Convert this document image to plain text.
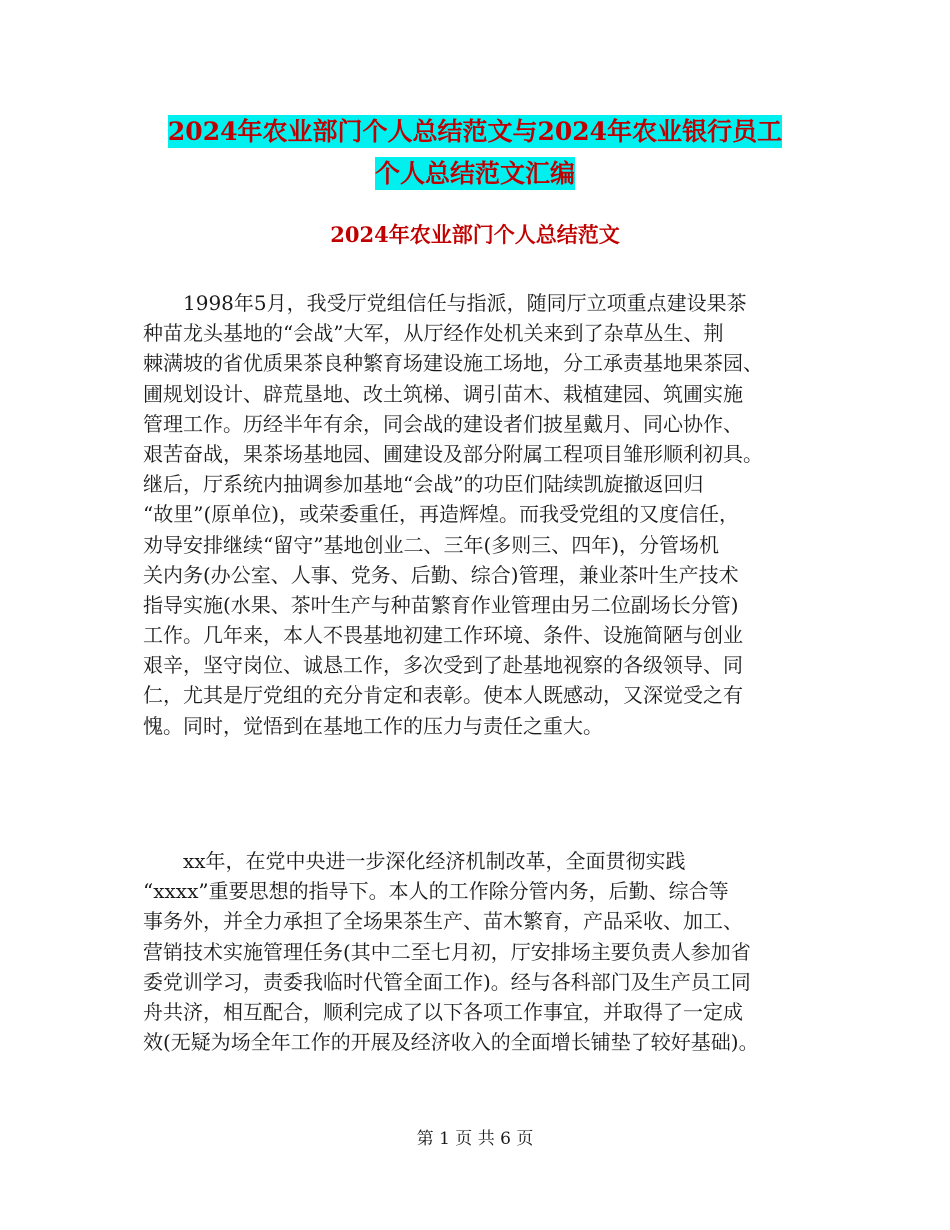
2024年农业部门个人总结范文与2024年农业银行员工
个人总结范文汇编
2024年农业部门个人总结范文
　　1998年5月，我受厅党组信任与指派，随同厅立项重点建设果茶
种苗龙头基地的“会战”大军，从厅经作处机关来到了杂草丛生、荆
棘满坡的省优质果茶良种繁育场建设施工场地，分工承责基地果茶园、
圃规划设计、辟荒垦地、改土筑梯、调引苗木、栽植建园、筑圃实施
管理工作。历经半年有余，同会战的建设者们披星戴月、同心协作、
艰苦奋战，果茶场基地园、圃建设及部分附属工程项目雏形顺利初具。
继后，厅系统内抽调参加基地“会战”的功臣们陆续凯旋撤返回归
“故里”(原单位)，或荣委重任，再造辉煌。而我受党组的又度信任，
劝导安排继续“留守”基地创业二、三年(多则三、四年)，分管场机
关内务(办公室、人事、党务、后勤、综合)管理，兼业茶叶生产技术
指导实施(水果、茶叶生产与种苗繁育作业管理由另二位副场长分管)
工作。几年来，本人不畏基地初建工作环境、条件、设施简陋与创业
艰辛，坚守岗位、诚恳工作，多次受到了赴基地视察的各级领导、同
仁，尤其是厅党组的充分肯定和表彰。使本人既感动，又深觉受之有
愧。同时，觉悟到在基地工作的压力与责任之重大。
　　xx年，在党中央进一步深化经济机制改革，全面贯彻实践
“xxxx”重要思想的指导下。本人的工作除分管内务，后勤、综合等
事务外，并全力承担了全场果茶生产、苗木繁育，产品采收、加工、
营销技术实施管理任务(其中二至七月初，厅安排场主要负责人参加省
委党训学习，责委我临时代管全面工作)。经与各科部门及生产员工同
舟共济，相互配合，顺利完成了以下各项工作事宜，并取得了一定成
效(无疑为场全年工作的开展及经济收入的全面增长铺垫了较好基础)。
第 1 页 共 6 页
